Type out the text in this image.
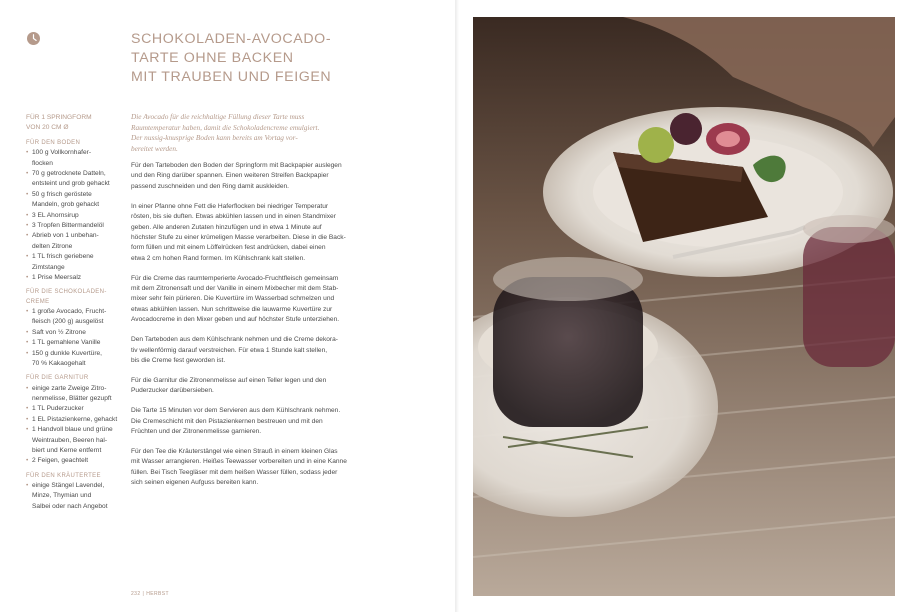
SCHOKOLADEN-AVOCADO-
TARTE OHNE BACKEN
MIT TRAUBEN UND FEIGEN
FÜR 1 SPRINGFORM
VON 20 CM Ø
FÜR DEN BODEN
• 100 g Vollkornhafer-
flocken
• 70 g getrocknete Datteln,
entsteint und grob gehackt
• 50 g frisch geröstete
Mandeln, grob gehackt
• 3 EL Ahornsirup
• 3 Tropfen Bittermandelöl
• Abrieb von 1 unbehan-
delten Zitrone
• 1 TL frisch geriebene
Zimtstange
• 1 Prise Meersalz
FÜR DIE SCHOKOLADEN-
CREME
• 1 große Avocado, Frucht-
fleisch (200 g) ausgelöst
• Saft von ½ Zitrone
• 1 TL gemahlene Vanille
• 150 g dunkle Kuvertüre,
70 % Kakaogehalt
FÜR DIE GARNITUR
• einige zarte Zweige Zitro-
nenmelisse, Blätter gezupft
• 1 TL Puderzucker
• 1 EL Pistazienkerne, gehackt
• 1 Handvoll blaue und grüne
Weintrauben, Beeren hal-
biert und Kerne entfernt
• 2 Feigen, geachtelt
FÜR DEN KRÄUTERTEE
• einige Stängel Lavendel,
Minze, Thymian und
Salbei oder nach Angebot

Die Avocado für die reichhaltige Füllung dieser Tarte muss
Raumtemperatur haben, damit die Schokoladencreme emulgiert.
Der nussig-knusprige Boden kann bereits am Vortag vor-
bereitet werden.

Für den Tarteboden den Boden der Springform mit Backpapier auslegen
und den Ring darüber spannen. Einen weiteren Streifen Backpapier
passend zuschneiden und den Ring damit auskleiden.

In einer Pfanne ohne Fett die Haferflocken bei niedriger Temperatur
rösten, bis sie duften. Etwas abkühlen lassen und in einen Standmixer
geben. Alle anderen Zutaten hinzufügen und in etwa 1 Minute auf
höchster Stufe zu einer krümeligen Masse verarbeiten. Diese in die Back-
form füllen und mit einem Löffelrücken fest andrücken, dabei einen
etwa 2 cm hohen Rand formen. Im Kühlschrank kalt stellen.

Für die Creme das raumtemperierte Avocado-Fruchtfleisch gemeinsam
mit dem Zitronensaft und der Vanille in einem Mixbecher mit dem Stab-
mixer sehr fein pürieren. Die Kuvertüre im Wasserbad schmelzen und
etwas abkühlen lassen. Nun schrittweise die lauwarme Kuvertüre zur
Avocadocreme in den Mixer geben und auf höchster Stufe unterziehen.

Den Tarteboden aus dem Kühlschrank nehmen und die Creme dekora-
tiv wellenförmig darauf verstreichen. Für etwa 1 Stunde kalt stellen,
bis die Creme fest geworden ist.

Für die Garnitur die Zitronenmelisse auf einen Teller legen und den
Puderzucker darübersieben.

Die Tarte 15 Minuten vor dem Servieren aus dem Kühlschrank nehmen.
Die Cremeschicht mit den Pistazienkernen bestreuen und mit den
Früchten und der Zitronenmelisse garnieren.

Für den Tee die Kräuterstängel wie einen Strauß in einem kleinen Glas
mit Wasser arrangieren. Heißes Teewasser vorbereiten und in eine Kanne
füllen. Bei Tisch Teegläser mit dem heißen Wasser füllen, sodass jeder
sich seinen eigenen Aufguss bereiten kann.

232 | HERBST
